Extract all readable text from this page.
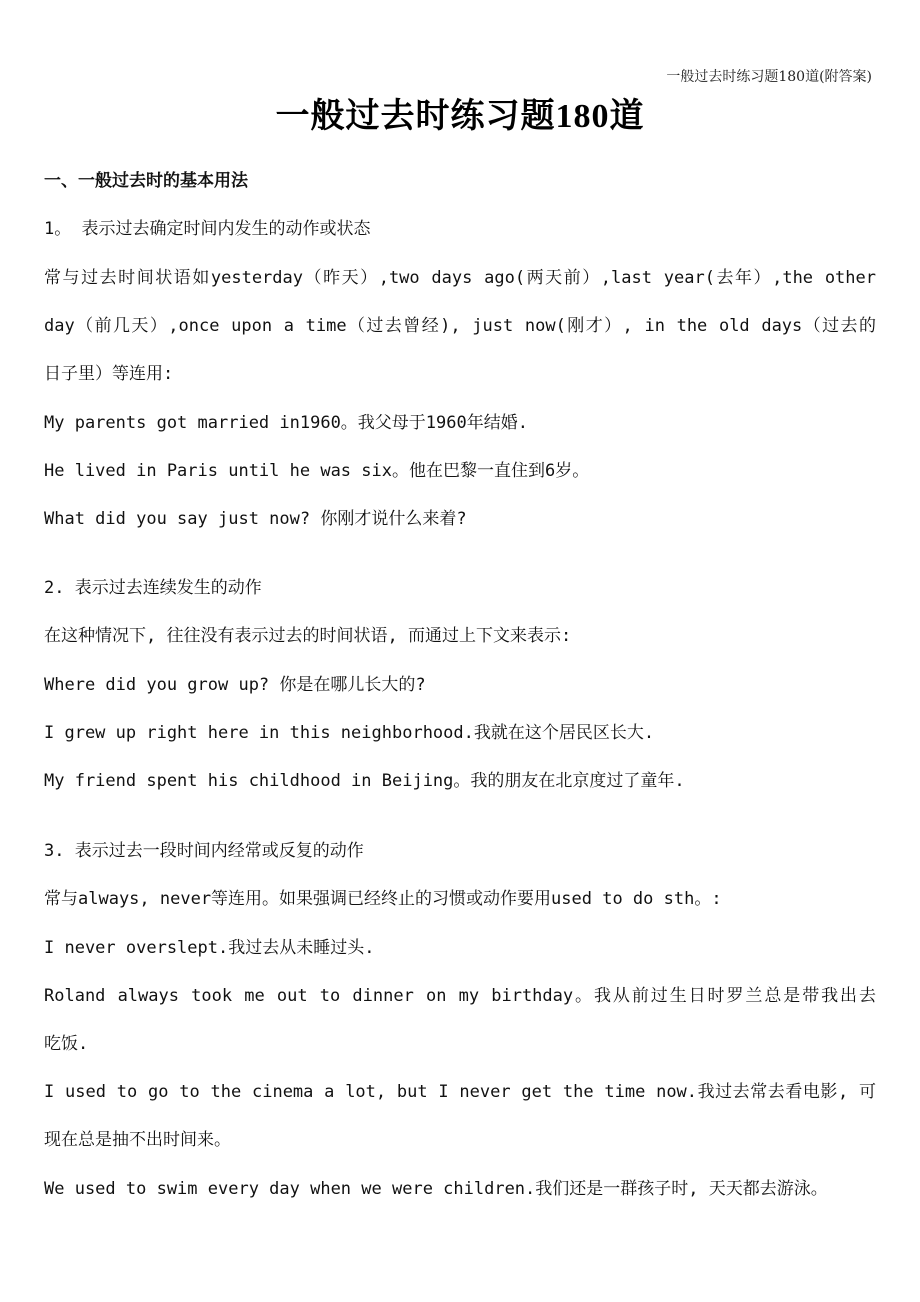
一般过去时练习题180道(附答案)
一般过去时练习题180道
一、一般过去时的基本用法
1。 表示过去确定时间内发生的动作或状态
常与过去时间状语如yesterday（昨天）,two days ago(两天前）,last year(去年）,the other
day（前几天）,once upon a time（过去曾经), just now(刚才）, in the old days（过去的
日子里）等连用:
My parents got married in1960。我父母于1960年结婚.
He lived in Paris until he was six。他在巴黎一直住到6岁。
What did you say just now? 你刚才说什么来着?
2. 表示过去连续发生的动作
在这种情况下, 往往没有表示过去的时间状语, 而通过上下文来表示:
Where did you grow up? 你是在哪儿长大的?
I grew up right here in this neighborhood.我就在这个居民区长大.
My friend spent his childhood in Beijing。我的朋友在北京度过了童年.
3. 表示过去一段时间内经常或反复的动作
常与always, never等连用。如果强调已经终止的习惯或动作要用used to do sth。:
I never overslept.我过去从未睡过头.
Roland always took me out to dinner on my birthday。我从前过生日时罗兰总是带我出去
吃饭.
I used to go to the cinema a lot, but I never get the time now.我过去常去看电影, 可
现在总是抽不出时间来。
We used to swim every day when we were children.我们还是一群孩子时, 天天都去游泳。
